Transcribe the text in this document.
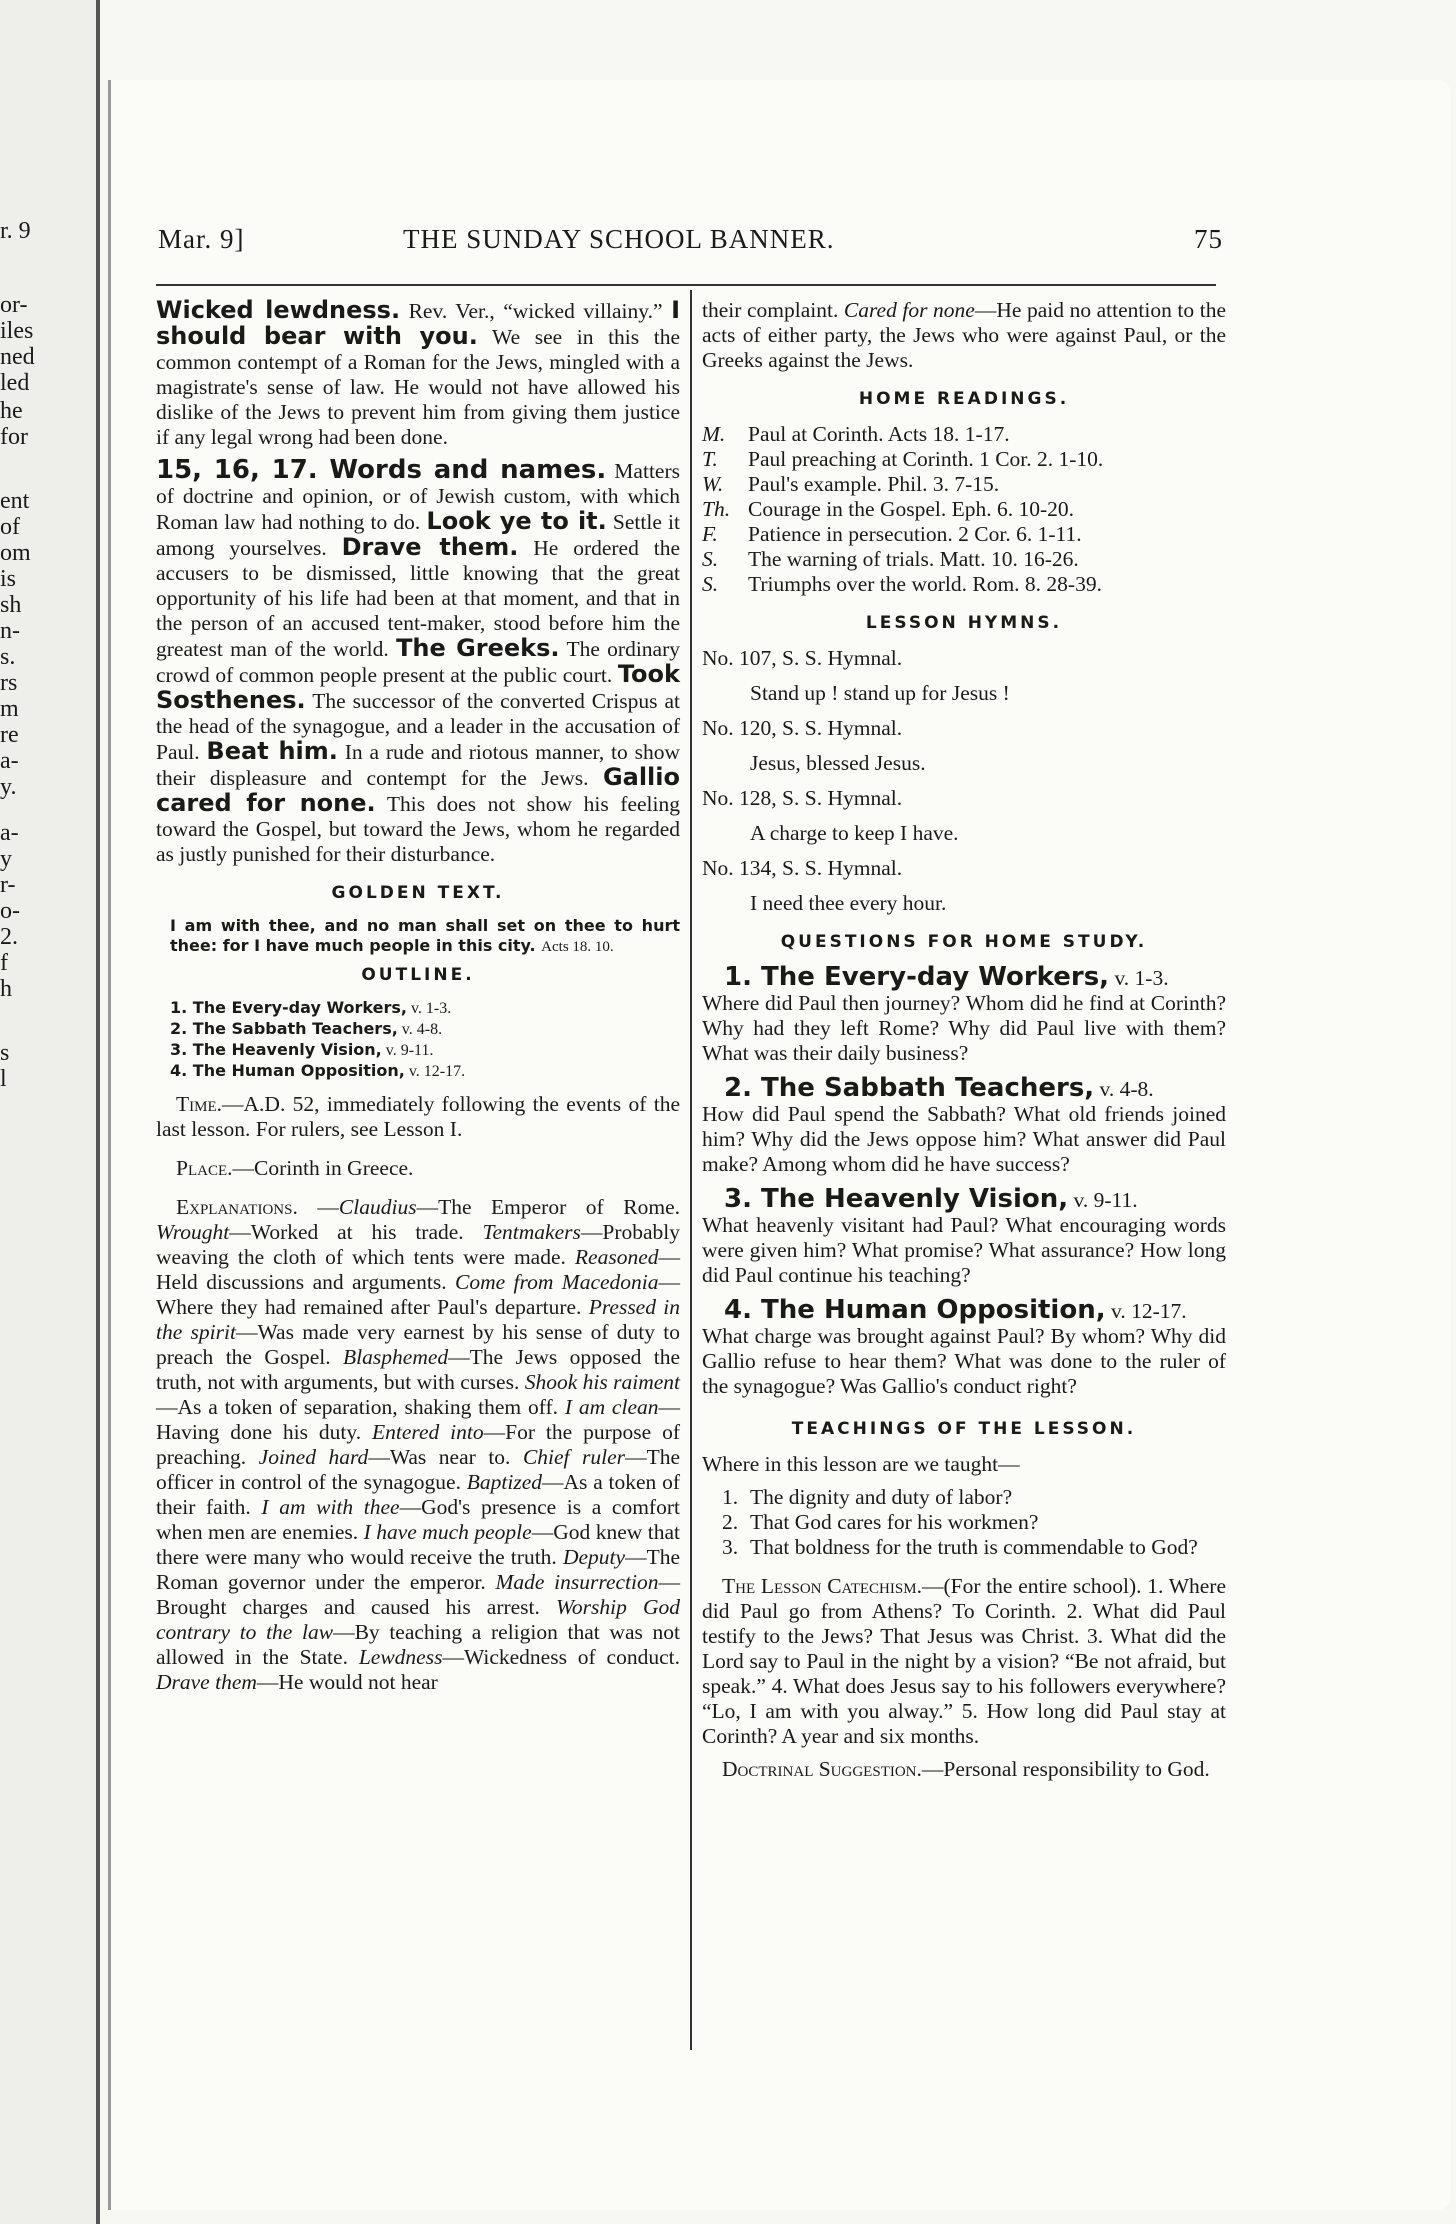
r. 9
or-
iles
ned
led
he
for
ent
of
om
is
sh
n-
s.
rs
m
re
a-
y.
a-
y
r-
o-
2.
f
h
s
l
Mar. 9]	THE SUNDAY SCHOOL BANNER.	75

Wicked lewdness. Rev. Ver., “wicked villainy.” I should bear with you. We see in this the common contempt of a Roman for the Jews, mingled with a magistrate's sense of law. He would not have allowed his dislike of the Jews to prevent him from giving them justice if any legal wrong had been done.

15, 16, 17. Words and names. Matters of doctrine and opinion, or of Jewish custom, with which Roman law had nothing to do. Look ye to it. Settle it among yourselves. Drave them. He ordered the accusers to be dismissed, little knowing that the great opportunity of his life had been at that moment, and that in the person of an accused tent-maker, stood before him the greatest man of the world. The Greeks. The ordinary crowd of common people present at the public court. Took Sosthenes. The successor of the converted Crispus at the head of the synagogue, and a leader in the accusation of Paul. Beat him. In a rude and riotous manner, to show their displeasure and contempt for the Jews. Gallio cared for none. This does not show his feeling toward the Gospel, but toward the Jews, whom he regarded as justly punished for their disturbance.

GOLDEN TEXT.
I am with thee, and no man shall set on thee to hurt thee: for I have much people in this city. Acts 18. 10.
OUTLINE.
1. The Every-day Workers, v. 1-3.
2. The Sabbath Teachers, v. 4-8.
3. The Heavenly Vision, v. 9-11.
4. The Human Opposition, v. 12-17.

Time.—A.D. 52, immediately following the events of the last lesson. For rulers, see Lesson I.

Place.—Corinth in Greece.

Explanations. —Claudius—The Emperor of Rome. Wrought—Worked at his trade. Tentmakers—Probably weaving the cloth of which tents were made. Reasoned—Held discussions and arguments. Come from Macedonia—Where they had remained after Paul's departure. Pressed in the spirit—Was made very earnest by his sense of duty to preach the Gospel. Blasphemed—The Jews opposed the truth, not with arguments, but with curses. Shook his raiment—As a token of separation, shaking them off. I am clean—Having done his duty. Entered into—For the purpose of preaching. Joined hard—Was near to. Chief ruler—The officer in control of the synagogue. Baptized—As a token of their faith. I am with thee—God's presence is a comfort when men are enemies. I have much people—God knew that there were many who would receive the truth. Deputy—The Roman governor under the emperor. Made insurrection—Brought charges and caused his arrest. Worship God contrary to the law—By teaching a religion that was not allowed in the State. Lewdness—Wickedness of conduct. Drave them—He would not hear

their complaint. Cared for none—He paid no attention to the acts of either party, the Jews who were against Paul, or the Greeks against the Jews.

HOME READINGS.
M.	Paul at Corinth. Acts 18. 1-17.
T.	Paul preaching at Corinth. 1 Cor. 2. 1-10.
W.	Paul's example. Phil. 3. 7-15.
Th. Courage in the Gospel. Eph. 6. 10-20.
F.	Patience in persecution. 2 Cor. 6. 1-11.
S.	The warning of trials. Matt. 10. 16-26.
S.	Triumphs over the world. Rom. 8. 28-39.
LESSON HYMNS.
No. 107, S. S. Hymnal.
Stand up ! stand up for Jesus !
No. 120, S. S. Hymnal.
Jesus, blessed Jesus.
No. 128, S. S. Hymnal.
A charge to keep I have.
No. 134, S. S. Hymnal.
I need thee every hour.
QUESTIONS FOR HOME STUDY.

1. The Every-day Workers, v. 1-3.
Where did Paul then journey? Whom did he find at Corinth? Why had they left Rome? Why did Paul live with them? What was their daily business?

2. The Sabbath Teachers, v. 4-8.
How did Paul spend the Sabbath? What old friends joined him? Why did the Jews oppose him? What answer did Paul make? Among whom did he have success?

3. The Heavenly Vision, v. 9-11.
What heavenly visitant had Paul? What encouraging words were given him? What promise? What assurance? How long did Paul continue his teaching?

4. The Human Opposition, v. 12-17.
What charge was brought against Paul? By whom? Why did Gallio refuse to hear them? What was done to the ruler of the synagogue? Was Gallio's conduct right?

TEACHINGS OF THE LESSON.

Where in this lesson are we taught—

1. The dignity and duty of labor?
2. That God cares for his workmen?
3. That boldness for the truth is commendable to God?

The Lesson Catechism.—(For the entire school). 1. Where did Paul go from Athens? To Corinth. 2. What did Paul testify to the Jews? That Jesus was Christ. 3. What did the Lord say to Paul in the night by a vision? “Be not afraid, but speak.” 4. What does Jesus say to his followers everywhere? “Lo, I am with you alway.” 5. How long did Paul stay at Corinth? A year and six months.

Doctrinal Suggestion.—Personal responsibility to God.
